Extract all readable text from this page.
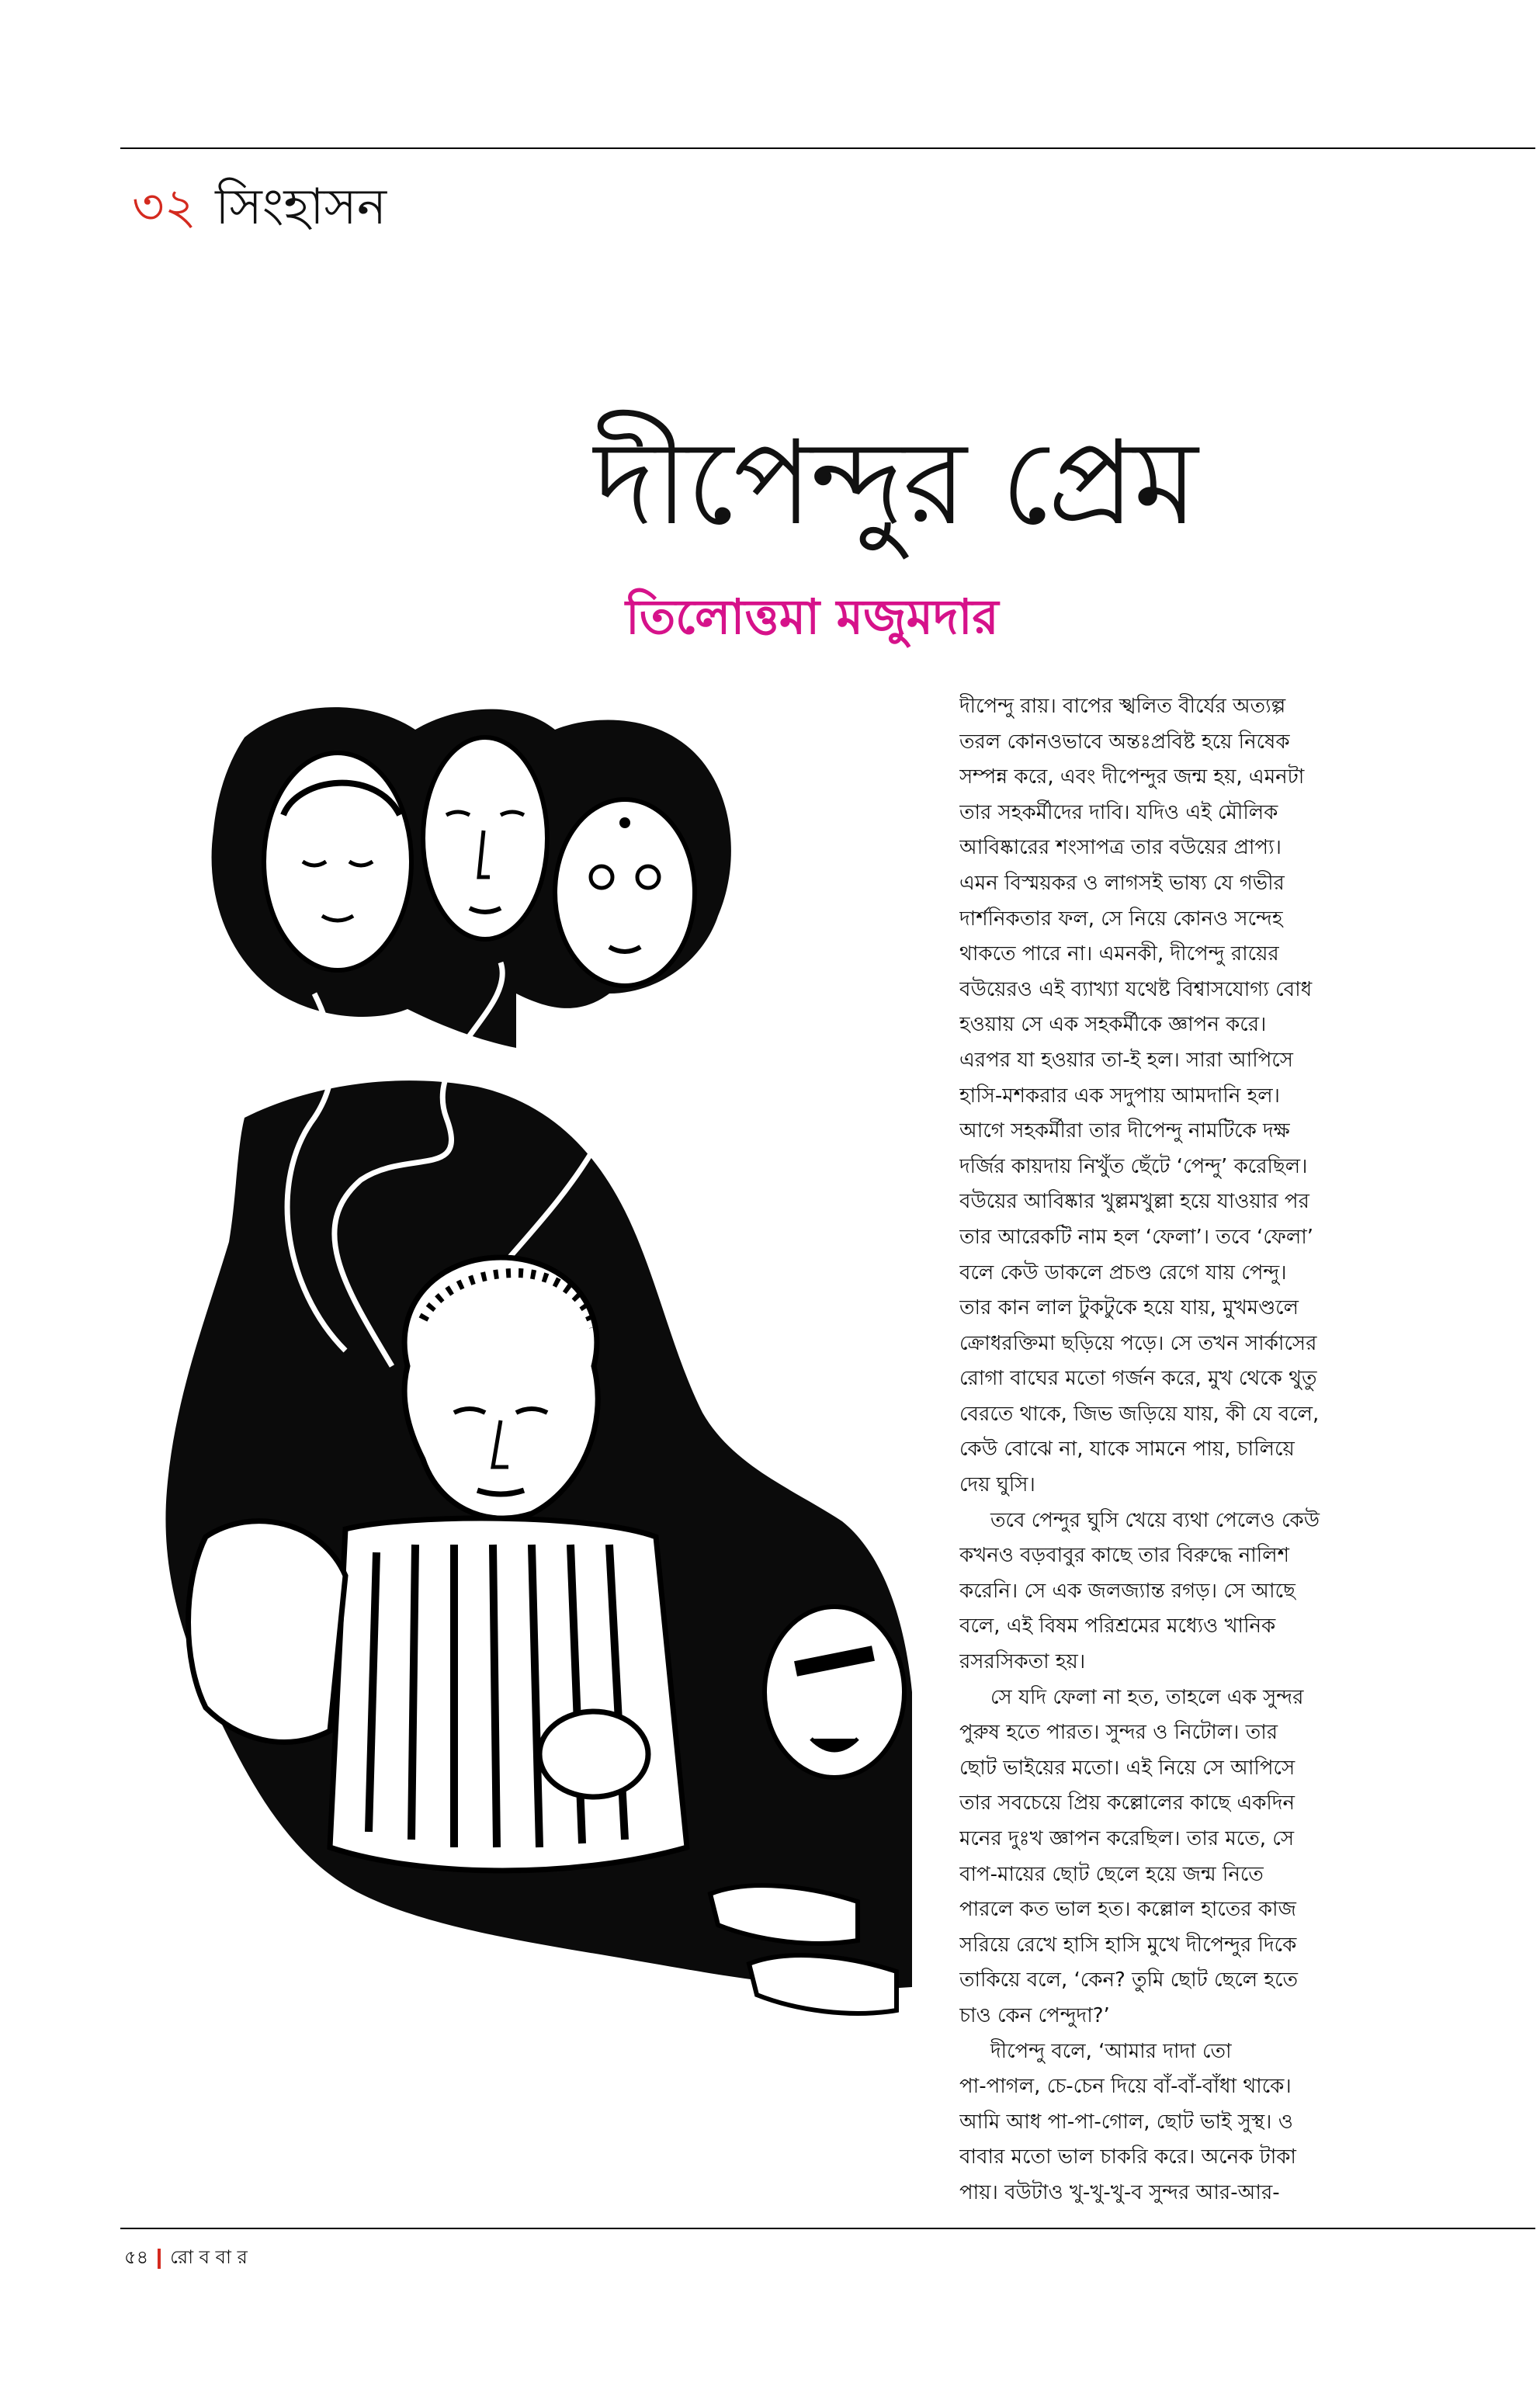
৩২ সিংহাসন
দীপেন্দুর প্রেম
তিলোত্তমা মজুমদার
দীপেন্দু রায়। বাপের স্খলিত বীর্যের অত্যল্প
তরল কোনওভাবে অন্তঃপ্রবিষ্ট হয়ে নিষেক
সম্পন্ন করে, এবং দীপেন্দুর জন্ম হয়, এমনটা
তার সহকর্মীদের দাবি। যদিও এই মৌলিক
আবিষ্কারের শংসাপত্র তার বউয়ের প্রাপ্য।
এমন বিস্ময়কর ও লাগসই ভাষ্য যে গভীর
দার্শনিকতার ফল, সে নিয়ে কোনও সন্দেহ
থাকতে পারে না। এমনকী, দীপেন্দু রায়ের
বউয়েরও এই ব্যাখ্যা যথেষ্ট বিশ্বাসযোগ্য বোধ
হওয়ায় সে এক সহকর্মীকে জ্ঞাপন করে।
এরপর যা হওয়ার তা-ই হল। সারা আপিসে
হাসি-মশকরার এক সদুপায় আমদানি হল।
আগে সহকর্মীরা তার দীপেন্দু নামটিকে দক্ষ
দর্জির কায়দায় নিখুঁত ছেঁটে ‘পেন্দু’ করেছিল।
বউয়ের আবিষ্কার খুল্লমখুল্লা হয়ে যাওয়ার পর
তার আরেকটি নাম হল ‘ফেলা’। তবে ‘ফেলা’
বলে কেউ ডাকলে প্রচণ্ড রেগে যায় পেন্দু।
তার কান লাল টুকটুকে হয়ে যায়, মুখমণ্ডলে
ক্রোধরক্তিমা ছড়িয়ে পড়ে। সে তখন সার্কাসের
রোগা বাঘের মতো গর্জন করে, মুখ থেকে থুতু
বেরতে থাকে, জিভ জড়িয়ে যায়, কী যে বলে,
কেউ বোঝে না, যাকে সামনে পায়, চালিয়ে
দেয় ঘুসি।
তবে পেন্দুর ঘুসি খেয়ে ব্যথা পেলেও কেউ
কখনও বড়বাবুর কাছে তার বিরুদ্ধে নালিশ
করেনি। সে এক জলজ্যান্ত রগড়। সে আছে
বলে, এই বিষম পরিশ্রমের মধ্যেও খানিক
রসরসিকতা হয়।
সে যদি ফেলা না হত, তাহলে এক সুন্দর
পুরুষ হতে পারত। সুন্দর ও নিটোল। তার
ছোট ভাইয়ের মতো। এই নিয়ে সে আপিসে
তার সবচেয়ে প্রিয় কল্লোলের কাছে একদিন
মনের দুঃখ জ্ঞাপন করেছিল। তার মতে, সে
বাপ-মায়ের ছোট ছেলে হয়ে জন্ম নিতে
পারলে কত ভাল হত। কল্লোল হাতের কাজ
সরিয়ে রেখে হাসি হাসি মুখে দীপেন্দুর দিকে
তাকিয়ে বলে, ‘কেন? তুমি ছোট ছেলে হতে
চাও কেন পেন্দুদা?’
দীপেন্দু বলে, ‘আমার দাদা তো
পা-পাগল, চে-চেন দিয়ে বাঁ-বাঁ-বাঁধা থাকে।
আমি আধ পা-পা-গোল, ছোট ভাই সুস্থ। ও
বাবার মতো ভাল চাকরি করে। অনেক টাকা
পায়। বউটাও খু-খু-খু-ব সুন্দর আর-আর-
৫৪ রো ব বা র
